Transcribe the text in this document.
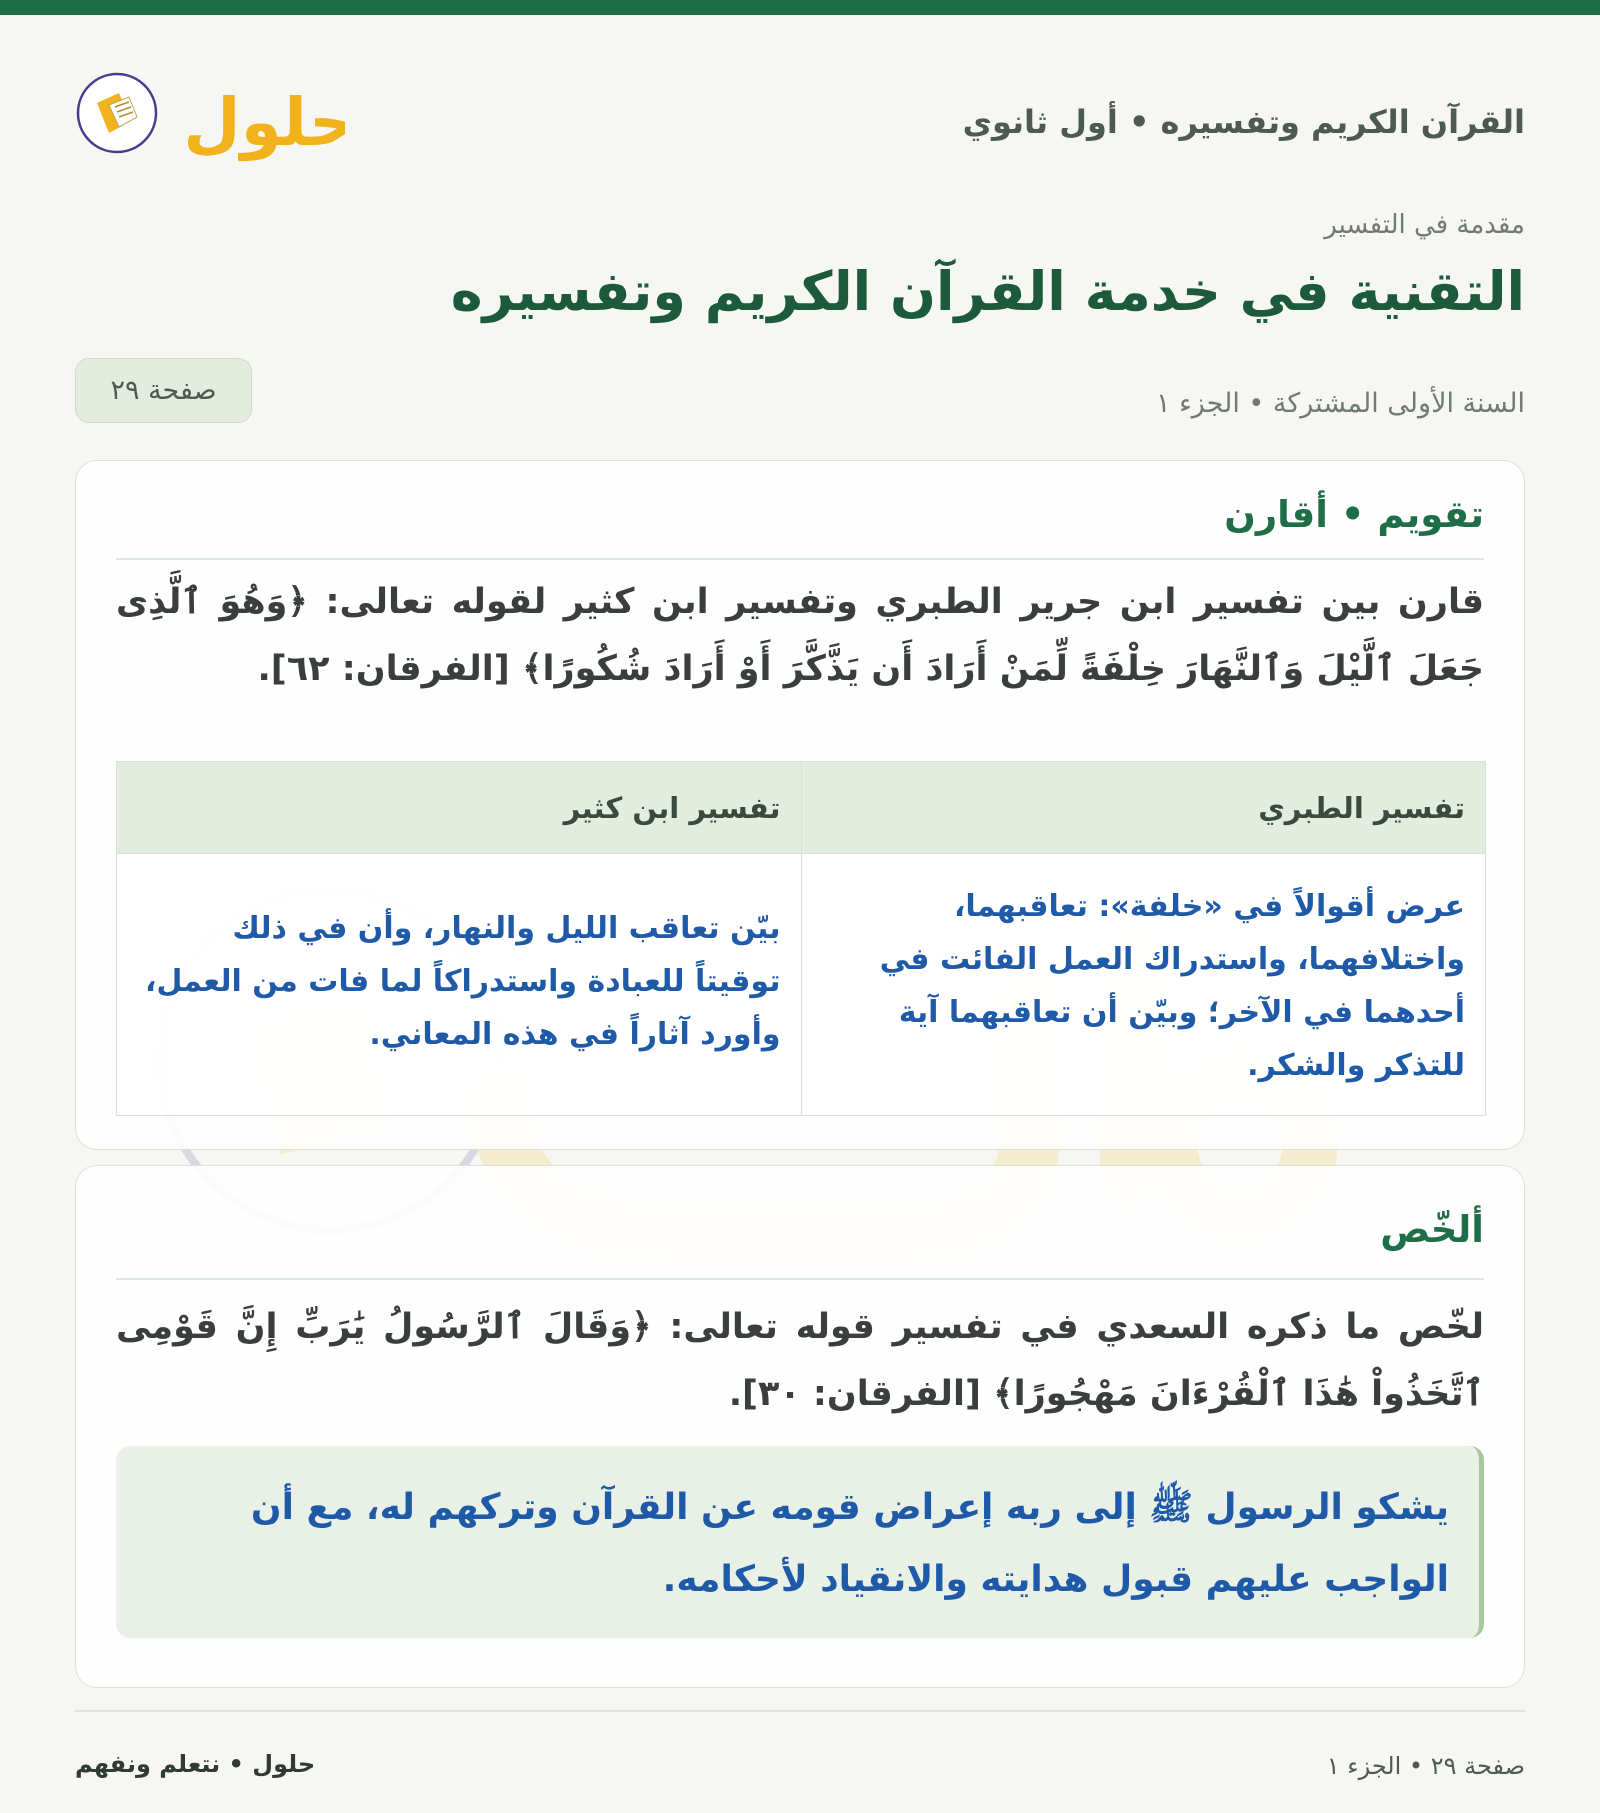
حلول	القرآن الكريم وتفسيره • أول ثانوي
مقدمة في التفسير
التقنية في خدمة القرآن الكريم وتفسيره
السنة الأولى المشتركة • الجزء ١
صفحة ٢٩
تقويم • أقارن
قارن بين تفسير ابن جرير الطبري وتفسير ابن كثير لقوله تعالى: ﴿وَهُوَ ٱلَّذِى جَعَلَ ٱلَّيْلَ وَٱلنَّهَارَ خِلْفَةً لِّمَنْ أَرَادَ أَن يَذَّكَّرَ أَوْ أَرَادَ شُكُورًا﴾ [الفرقان: ٦٢].
تفسير الطبري	تفسير ابن كثير
عرض أقوالاً في «خلفة»: تعاقبهما، واختلافهما، واستدراك العمل الفائت في أحدهما في الآخر؛ وبيّن أن تعاقبهما آية للتذكر والشكر.	بيّن تعاقب الليل والنهار، وأن في ذلك توقيتاً للعبادة واستدراكاً لما فات من العمل، وأورد آثاراً في هذه المعاني.
ألخّص
لخّص ما ذكره السعدي في تفسير قوله تعالى: ﴿وَقَالَ ٱلرَّسُولُ يَٰرَبِّ إِنَّ قَوْمِى ٱتَّخَذُواْ هَٰذَا ٱلْقُرْءَانَ مَهْجُورًا﴾ [الفرقان: ٣٠].
يشكو الرسول ﷺ إلى ربه إعراض قومه عن القرآن وتركهم له، مع أن الواجب عليهم قبول هدايته والانقياد لأحكامه.
صفحة ٢٩ • الجزء ١
حلول • نتعلم ونفهم
